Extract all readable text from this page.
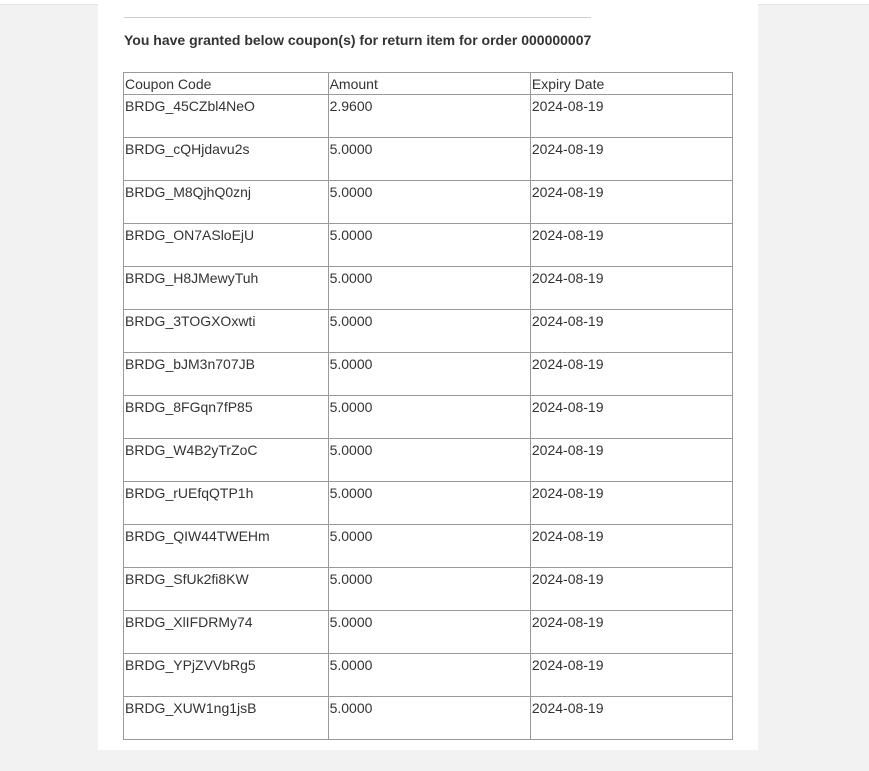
You have granted below coupon(s) for return item for order 000000007
Coupon Code	Amount	Expiry Date
BRDG_45CZbl4NeO	2.9600	2024-08-19
BRDG_cQHjdavu2s	5.0000	2024-08-19
BRDG_M8QjhQ0znj	5.0000	2024-08-19
BRDG_ON7ASloEjU	5.0000	2024-08-19
BRDG_H8JMewyTuh	5.0000	2024-08-19
BRDG_3TOGXOxwti	5.0000	2024-08-19
BRDG_bJM3n707JB	5.0000	2024-08-19
BRDG_8FGqn7fP85	5.0000	2024-08-19
BRDG_W4B2yTrZoC	5.0000	2024-08-19
BRDG_rUEfqQTP1h	5.0000	2024-08-19
BRDG_QIW44TWEHm	5.0000	2024-08-19
BRDG_SfUk2fi8KW	5.0000	2024-08-19
BRDG_XlIFDRMy74	5.0000	2024-08-19
BRDG_YPjZVVbRg5	5.0000	2024-08-19
BRDG_XUW1ng1jsB	5.0000	2024-08-19
